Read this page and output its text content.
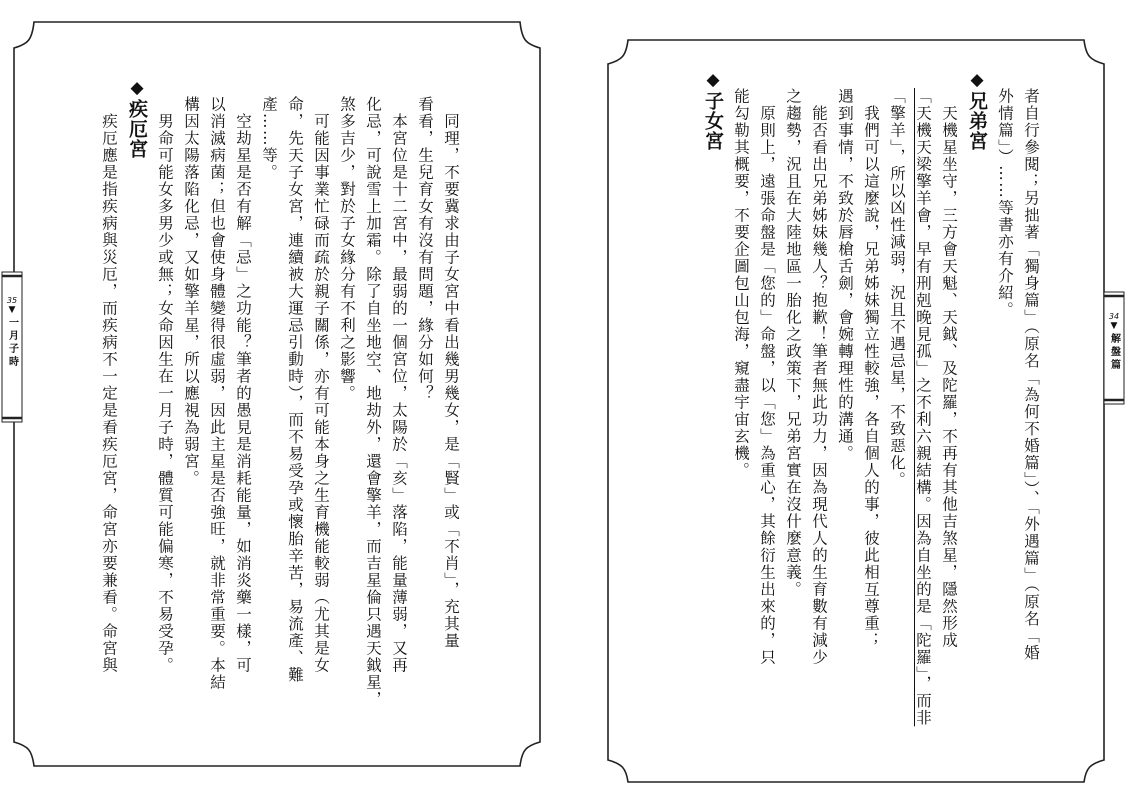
35
▼
一月子時
34
▼
解盤篇

　同理，不要冀求由子女宮中看出幾男幾女，是「賢」或「不肖」，充其量

看看，生兒育女有沒有問題，緣分如何？

　本宮位是十二宮中，最弱的一個宮位，太陽於「亥」落陷，能量薄弱，又再

化忌，可說雪上加霜。除了自坐地空、地劫外，還會擎羊，而吉星倫只遇天鉞星，

煞多吉少，對於子女緣分有不利之影響。

　可能因事業忙碌而疏於親子關係，亦有可能本身之生育機能較弱（尤其是女

命，先天子女宮，連續被大運忌引動時），而不易受孕或懷胎辛苦，易流產、難

產……等。

　空劫星是否有解「忌」之功能？筆者的愚見是消耗能量，如消炎藥一樣，可

以消滅病菌；但也會使身體變得很虛弱，因此主星是否強旺，就非常重要。本結

構因太陽落陷化忌，又如擎羊星，所以應視為弱宮。

　男命可能女多男少或無；女命因生在一月子時，體質可能偏寒，不易受孕。

◆疾厄宮

　疾厄應是指疾病與災厄，而疾病不一定是看疾厄宮，命宮亦要兼看。命宮與	者自行參閱；另拙著「獨身篇」（原名「為何不婚篇」）、「外遇篇」（原名「婚

外情篇」）……等書亦有介紹。

◆兄弟宮

　天機星坐守，三方會天魁、天鉞、及陀羅，不再有其他吉煞星，隱然形成

「天機天梁擎羊會，早有刑剋晚見孤」之不利六親結構。因為自坐的是「陀羅」，而非

「擎羊」，所以凶性減弱，況且不遇忌星，不致惡化。

　我們可以這麼說，兄弟姊妹獨立性較強，各自個人的事，彼此相互尊重；

遇到事情，不致於唇槍舌劍，會婉轉理性的溝通。

　能否看出兄弟姊妹幾人？抱歉！筆者無此功力，因為現代人的生育數有減少

之趨勢，況且在大陸地區一胎化之政策下，兄弟宮實在沒什麼意義。

　原則上，遠張命盤是「您的」命盤，以「您」為重心，其餘衍生出來的，只

能勾勒其概要，不要企圖包山包海，窺盡宇宙玄機。

◆子女宮
